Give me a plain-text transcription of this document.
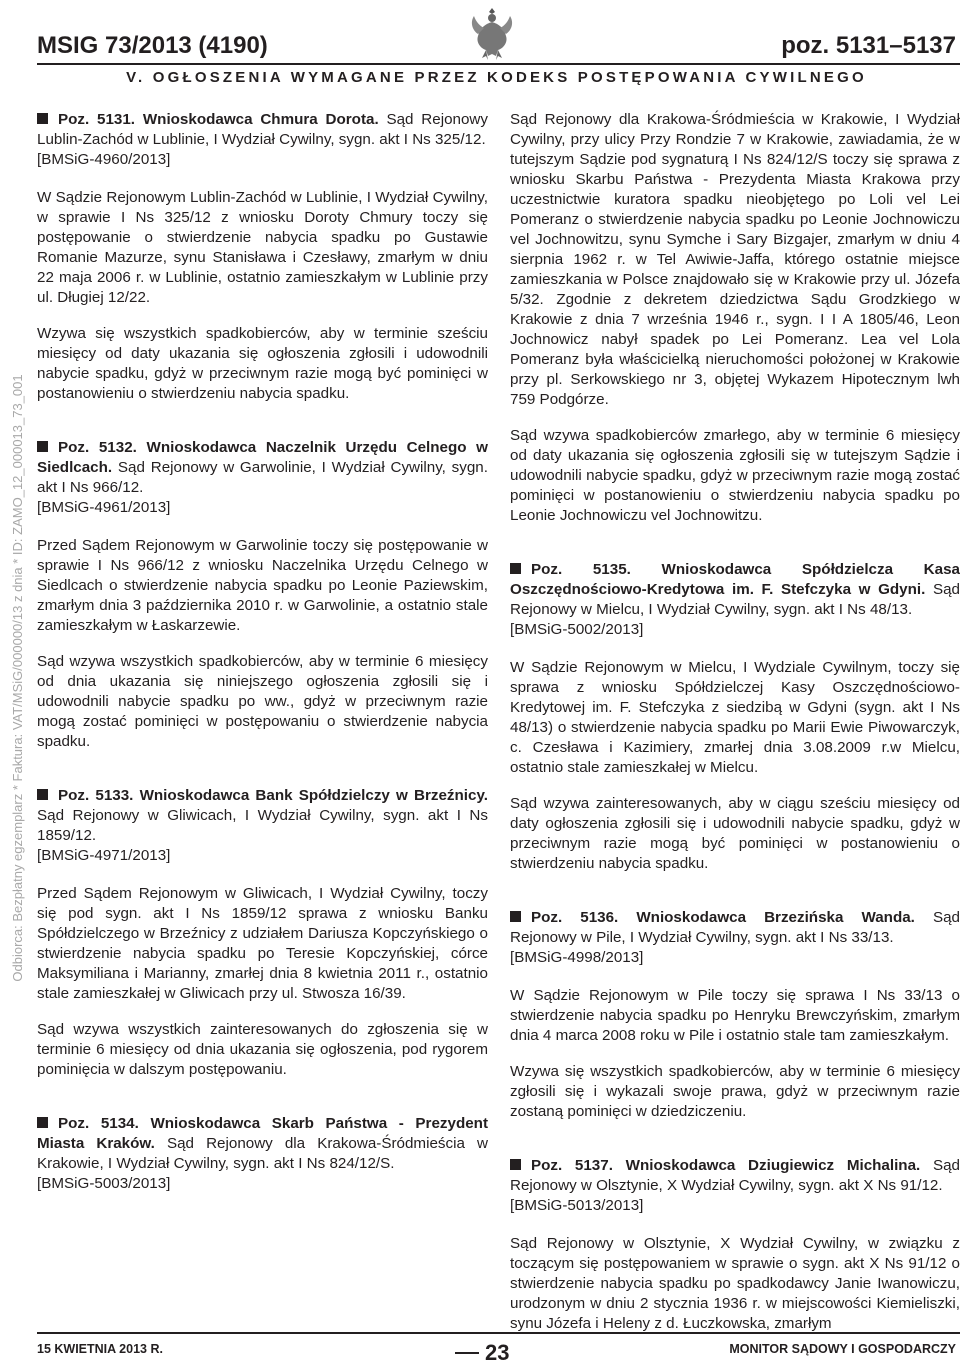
MSIG 73/2013 (4190)	poz. 5131–5137
V. OGŁOSZENIA WYMAGANE PRZEZ KODEKS POSTĘPOWANIA CYWILNEGO
Odbiorca: Bezpłatny egzemplarz * Faktura: VAT/MSiG/000000/13 z dnia * ID: ZAMO_12_000013_73_001

Poz. 5131. Wnioskodawca Chmura Dorota. Sąd Rejonowy Lublin-Zachód w Lublinie, I Wydział Cywilny, sygn. akt I Ns 325/12.

[BMSiG-4960/2013]

W Sądzie Rejonowym Lublin-Zachód w Lublinie, I Wydział Cywilny, w sprawie I Ns 325/12 z wniosku Doroty Chmury toczy się postępowanie o stwierdzenie nabycia spadku po Gustawie Romanie Mazurze, synu Stanisława i Czesławy, zmarłym w dniu 22 maja 2006 r. w Lublinie, ostatnio zamieszkałym w Lublinie przy ul. Długiej 12/22.

Wzywa się wszystkich spadkobierców, aby w terminie sześciu miesięcy od daty ukazania się ogłoszenia zgłosili i udowodnili nabycie spadku, gdyż w przeciwnym razie mogą być pominięci w postanowieniu o stwierdzeniu nabycia spadku.

Poz. 5132. Wnioskodawca Naczelnik Urzędu Celnego w Siedlcach. Sąd Rejonowy w Garwolinie, I Wydział Cywilny, sygn. akt I Ns 966/12.

[BMSiG-4961/2013]

Przed Sądem Rejonowym w Garwolinie toczy się postępowanie w sprawie I Ns 966/12 z wniosku Naczelnika Urzędu Celnego w Siedlcach o stwierdzenie nabycia spadku po Leonie Paziewskim, zmarłym dnia 3 października 2010 r. w Garwolinie, a ostatnio stale zamieszkałym w Łaskarzewie.

Sąd wzywa wszystkich spadkobierców, aby w terminie 6 miesięcy od dnia ukazania się niniejszego ogłoszenia zgłosili się i udowodnili nabycie spadku po ww., gdyż w przeciwnym razie mogą zostać pominięci w postępowaniu o stwierdzenie nabycia spadku.

Poz. 5133. Wnioskodawca Bank Spółdzielczy w Brzeźnicy. Sąd Rejonowy w Gliwicach, I Wydział Cywilny, sygn. akt I Ns 1859/12.

[BMSiG-4971/2013]

Przed Sądem Rejonowym w Gliwicach, I Wydział Cywilny, toczy się pod sygn. akt I Ns 1859/12 sprawa z wniosku Banku Spółdzielczego w Brzeźnicy z udziałem Dariusza Kopczyńskiego o stwierdzenie nabycia spadku po Teresie Kopczyńskiej, córce Maksymiliana i Marianny, zmarłej dnia 8 kwietnia 2011 r., ostatnio stale zamieszkałej w Gliwicach przy ul. Stwosza 16/39.

Sąd wzywa wszystkich zainteresowanych do zgłoszenia się w terminie 6 miesięcy od dnia ukazania się ogłoszenia, pod rygorem pominięcia w dalszym postępowaniu.

Poz. 5134. Wnioskodawca Skarb Państwa - Prezydent Miasta Kraków. Sąd Rejonowy dla Krakowa-Śródmieścia w Krakowie, I Wydział Cywilny, sygn. akt I Ns 824/12/S.

[BMSiG-5003/2013]

Sąd Rejonowy dla Krakowa-Śródmieścia w Krakowie, I Wydział Cywilny, przy ulicy Przy Rondzie 7 w Krakowie, zawiadamia, że w tutejszym Sądzie pod sygnaturą I Ns 824/12/S toczy się sprawa z wniosku Skarbu Państwa - Prezydenta Miasta Krakowa przy uczestnictwie kuratora spadku nieobjętego po Loli vel Lei Pomeranz o stwierdzenie nabycia spadku po Leonie Jochnowiczu vel Jochnowitzu, synu Symche i Sary Bizgajer, zmarłym w dniu 4 sierpnia 1962 r. w Tel Awiwie-Jaffa, którego ostatnie miejsce zamieszkania w Polsce znajdowało się w Krakowie przy ul. Józefa 5/32. Zgodnie z dekretem dziedzictwa Sądu Grodzkiego w Krakowie z dnia 7 września 1946 r., sygn. I I A 1805/46, Leon Jochnowicz nabył spadek po Lei Pomeranz. Lea vel Lola Pomeranz była właścicielką nieruchomości położonej w Krakowie przy pl. Serkowskiego nr 3, objętej Wykazem Hipotecznym lwh 759 Podgórze.

Sąd wzywa spadkobierców zmarłego, aby w terminie 6 miesięcy od daty ukazania się ogłoszenia zgłosili się w tutejszym Sądzie i udowodnili nabycie spadku, gdyż w przeciwnym razie mogą zostać pominięci w postanowieniu o stwierdzeniu nabycia spadku po Leonie Jochnowiczu vel Jochnowitzu.

Poz. 5135. Wnioskodawca Spółdzielcza Kasa Oszczędnościowo-Kredytowa im. F. Stefczyka w Gdyni. Sąd Rejonowy w Mielcu, I Wydział Cywilny, sygn. akt I Ns 48/13.

[BMSiG-5002/2013]

W Sądzie Rejonowym w Mielcu, I Wydziale Cywilnym, toczy się sprawa z wniosku Spółdzielczej Kasy Oszczędnościowo-Kredytowej im. F. Stefczyka z siedzibą w Gdyni (sygn. akt I Ns 48/13) o stwierdzenie nabycia spadku po Marii Ewie Piwowarczyk, c. Czesława i Kazimiery, zmarłej dnia 3.08.2009 r.w Mielcu, ostatnio stale zamieszkałej w Mielcu.

Sąd wzywa zainteresowanych, aby w ciągu sześciu miesięcy od daty ogłoszenia zgłosili się i udowodnili nabycie spadku, gdyż w przeciwnym razie mogą być pominięci w postanowieniu o stwierdzeniu nabycia spadku.

Poz. 5136. Wnioskodawca Brzezińska Wanda. Sąd Rejonowy w Pile, I Wydział Cywilny, sygn. akt I Ns 33/13.

[BMSiG-4998/2013]

W Sądzie Rejonowym w Pile toczy się sprawa I Ns 33/13 o stwierdzenie nabycia spadku po Henryku Brewczyńskim, zmarłym dnia 4 marca 2008 roku w Pile i ostatnio stale tam zamieszkałym.

Wzywa się wszystkich spadkobierców, aby w terminie 6 miesięcy zgłosili się i wykazali swoje prawa, gdyż w przeciwnym razie zostaną pominięci w dziedziczeniu.

Poz. 5137. Wnioskodawca Dziugiewicz Michalina. Sąd Rejonowy w Olsztynie, X Wydział Cywilny, sygn. akt X Ns 91/12.

[BMSiG-5013/2013]

Sąd Rejonowy w Olsztynie, X Wydział Cywilny, w związku z toczącym się postępowaniem w sprawie o sygn. akt X Ns 91/12 o stwierdzenie nabycia spadku po spadkodawcy Janie Iwanowiczu, urodzonym w dniu 2 stycznia 1936 r. w miejscowości Kiemieliszki, synu Józefa i Heleny z d. Łuczkowska, zmarłym

15 KWIETNIA 2013 R.	23	MONITOR SĄDOWY I GOSPODARCZY
